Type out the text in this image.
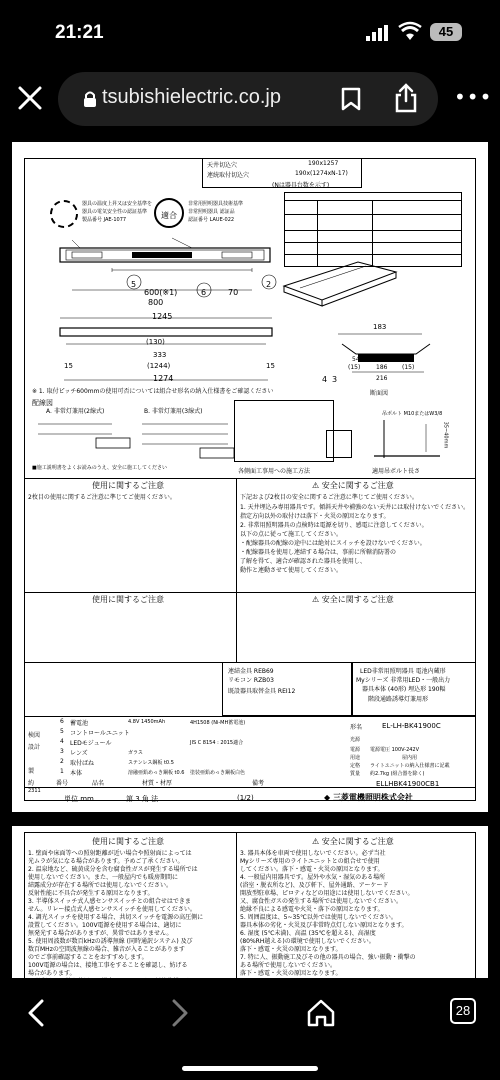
21:21	45
tsubishielectric.co.jp	•••
天井切込穴	190x1257
連続取付切込穴	190x(1274xN-17)
(Nは器具台数を示す)
器具の温度上昇又は安全基準を
器具の電気安全性の認証基準
製品番号 JAE-1077	適合
非常用照明器具技術基準
非常照明器具 認証品
認証番号 LAUE-022
5
6	70
2
600(※1)
800
1245
(130)
333
(1244)
15	15
1274
183
54
(15)	186 (15)
216
4 3
断面図
※ 1. 取付ピッチ600mmの使用可否については組合せ形名の納入仕様書をご確認ください
配線図
A. 非常灯兼用(2線式)	B. 非常灯兼用(3線式)
■施工説明書をよくお読みのうえ、安全に施工してください	各側面工事用への施工方法
吊ボルト M10またはW3/8
35~40mm
適用吊ボルト長さ
使用に関するご注意
2枚目の使用に関するご注意に準じてご使用ください。
⚠ 安全に関するご注意
下記および2枚目の安全に関するご注意に準じてご使用ください。
1. 天井埋込み専用器具です。傾斜天井や補強のない天井には取付けないでください。
指定方向以外の取付けは落下・火災の原因となります。
2. 非常用照明器具の点検時は電源を切り、感電に注意してください。
以下の点に従って施工してください。
・配線器具の配線の途中には絶対にスイッチを設けないでください。
・配線器具を使用し連結する場合は、事前に所轄消防署の
了解を得て、適合が確認された器具を使用し、
動作と連動させて使用してください。
使用に関するご注意	⚠ 安全に関するご注意
連結金具 REB69
リモコン RZB03
既設器具取替金具 REI12
LED非常用照明器具 電池内蔵形
Myシリーズ 非常用LED・一般出力
器具本体 (40形) 埋込形 190幅
階段通路誘導灯兼用形
検図
設計
製
約
6 蓄電池	4.8V 1450mAh	4H1508 (Ni-MH蓄電池)
5 コントロールユニット
4 LEDモジュール	JIS C 8154 : 2015適合
3 レンズ	ガラス
2 取付ばね	ステンレス鋼板 t0.5
1 本体	溶融亜鉛めっき鋼板 t0.6 塗装亜鉛めっき鋼板白色
番号	品名	材質・材厚	備考
形名	EL-LH-BK41900C
光源
電源 電源電圧 100V-242V
用途	屋内用
定格 ライトユニットの納入仕様書に記載
質量 約2.7kg (組合器を除く)
ELLHBK41900CB1
2311
単位 mm	第 3 角 法	(1/2)	◆ 三菱電機照明株式会社
使用に関するご注意	⚠ 安全に関するご注意
1. 壁面や床面等への照射距離が近い場合や照射面によっては
光ムラが気になる場合があります。予めご了承ください。
2. 温泉地など、硫黄成分を含む腐食性ガスが発生する場所では
使用しないでください。また、一般屋内でも暖房期間に
結露成分が存在する場所では使用しないでください。
反射性能に不具合が発生する原因となります。
3. 半導体スイッチ式人感センサスイッチとの組合せはできま
せん。リレー接点式人感センサスイッチを使用してください。
4. 調光スイッチを使用する場合、共切スイッチを電源の高圧側に
設置してください。100V電源を使用する場合は、適切に
無発光する場合がありますが、異常ではありません。
5. 使用周波数が数百kHzの誘導無線 (同時通訳システム) 及び
数百MHzの空間波無線の場合、雑音が入ることがあります
のでご事前確認することをおすすめします。
100V電源の場合は、接地工事をすることを確認し、妨げる
場合があります。
3. 器具本体を車両で使用しないでください。必ず当社
Myシリーズ専用のライトユニットとの組合せで使用
してください。落下・感電・火災の原因となります。
4. 一般屋内用器具です。屋外や水気・湿気のある場所
(浴室・脱衣所など)、及び軒下、屋外通路、アーケード
開放型駐車場、ピロティなどの用途には使用しないでください。
又、腐食性ガスの発生する場所では使用しないでください。
絶縁不良による感電や火災・落下の原因となります。
5. 周囲温度は、5~35℃以外では使用しないでください。
器具本体の劣化・火災及び非常時点灯しない原因となります。
6. 湿度 (5℃未満)、高温 (35℃を超える)、高湿度
(80%RH越える)の環境で使用しないでください。
落下・感電・火災の原因となります。
7. 特に人、振動施工及びその他の器具の場合、強い振動・衝撃の
ある場所で使用しないでください。
落下・感電・火災の原因となります。
28
